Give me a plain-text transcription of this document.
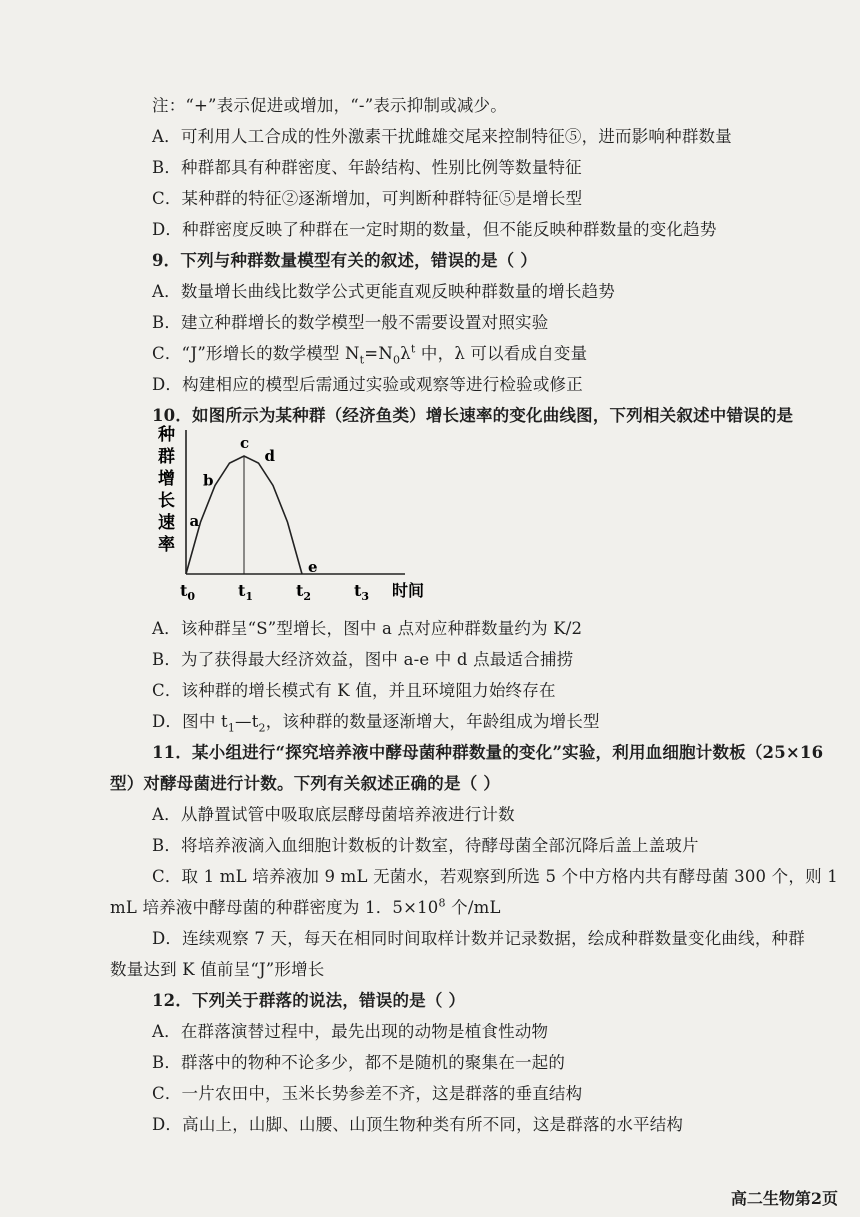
注：“+”表示促进或增加，“-”表示抑制或减少。
A．可利用人工合成的性外激素干扰雌雄交尾来控制特征⑤，进而影响种群数量
B．种群都具有种群密度、年龄结构、性别比例等数量特征
C．某种群的特征②逐渐增加，可判断种群特征⑤是增长型
D．种群密度反映了种群在一定时期的数量，但不能反映种群数量的变化趋势
9．下列与种群数量模型有关的叙述，错误的是（ ）
A．数量增长曲线比数学公式更能直观反映种群数量的增长趋势
B．建立种群增长的数学模型一般不需要设置对照实验
C．“J”形增长的数学模型 $N_t=N_0\lambda^t$ 中，λ 可以看成自变量
D．构建相应的模型后需通过实验或观察等进行检验或修正
10．如图所示为某种群（经济鱼类）增长速率的变化曲线图，下列相关叙述中错误的是
种
群
增
长
速
率
a
b
c
d
e
$t_0$	$t_1$	$t_2$	$t_3$ 时间
A．该种群呈“S”型增长，图中 a 点对应种群数量约为 K/2
B．为了获得最大经济效益，图中 a-e 中 d 点最适合捕捞
C．该种群的增长模式有 K 值，并且环境阻力始终存在
D．图中 $t_1—t_2$，该种群的数量逐渐增大，年龄组成为增长型
11．某小组进行“探究培养液中酵母菌种群数量的变化”实验，利用血细胞计数板（25×16
型）对酵母菌进行计数。下列有关叙述正确的是（ ）
A．从静置试管中吸取底层酵母菌培养液进行计数
B．将培养液滴入血细胞计数板的计数室，待酵母菌全部沉降后盖上盖玻片
C．取 1 mL 培养液加 9 mL 无菌水，若观察到所选 5 个中方格内共有酵母菌 300 个，则 1
mL 培养液中酵母菌的种群密度为 1．$5\times 10^8$ 个/mL
D．连续观察 7 天，每天在相同时间取样计数并记录数据，绘成种群数量变化曲线，种群
数量达到 K 值前呈“J”形增长
12．下列关于群落的说法，错误的是（ ）
A．在群落演替过程中，最先出现的动物是植食性动物
B．群落中的物种不论多少，都不是随机的聚集在一起的
C．一片农田中，玉米长势参差不齐，这是群落的垂直结构
D．高山上，山脚、山腰、山顶生物种类有所不同，这是群落的水平结构
高二生物第2页
